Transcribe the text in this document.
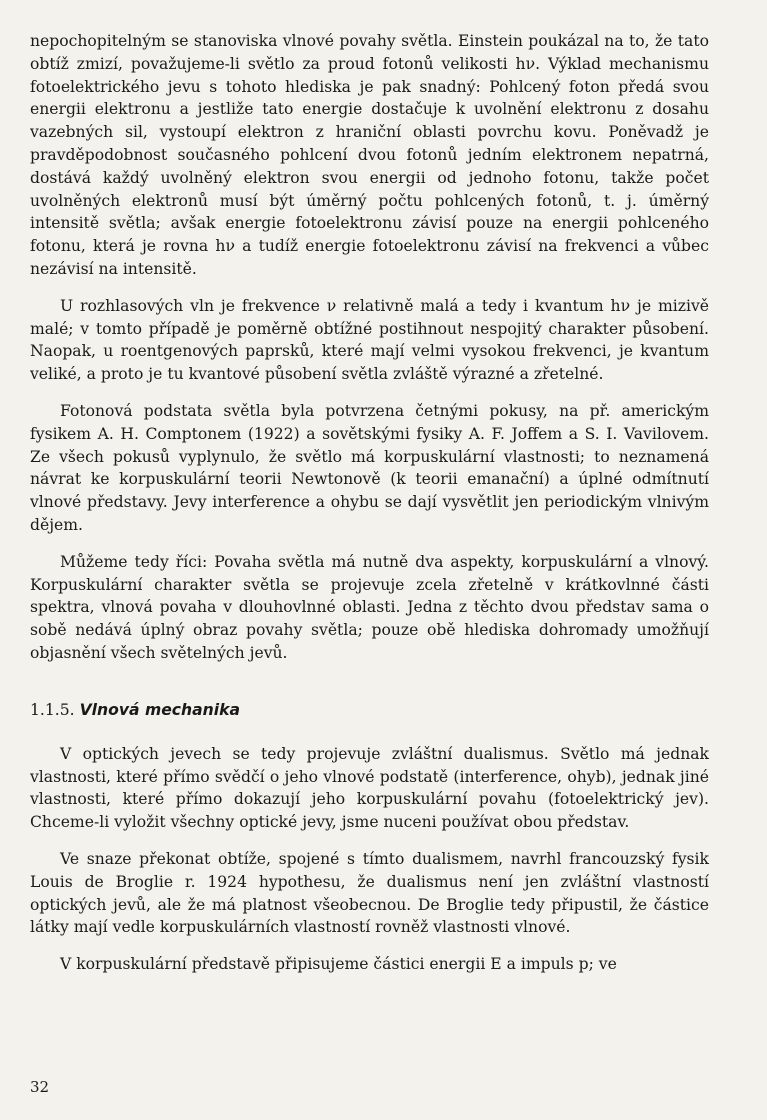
nepochopitelným se stanoviska vlnové povahy světla. Einstein poukázal na to, že tato obtíž zmizí, považujeme-li světlo za proud fotonů velikosti hν. Výklad mechanismu fotoelektrického jevu s tohoto hlediska je pak snadný: Pohlcený foton předá svou energii elektronu a jestliže tato energie dostačuje k uvolnění elektronu z dosahu vazebných sil, vystoupí elektron z hraniční oblasti povrchu kovu. Poněvadž je pravděpodobnost současného pohlcení dvou fotonů jedním elektronem nepatrná, dostává každý uvolněný elektron svou energii od jednoho fotonu, takže počet uvolněných elektronů musí být úměrný počtu pohlcených fotonů, t. j. úměrný intensitě světla; avšak energie fotoelektronu závisí pouze na energii pohlceného fotonu, která je rovna hν a tudíž energie fotoelektronu závisí na frekvenci a vůbec nezávisí na intensitě.

U rozhlasových vln je frekvence ν relativně malá a tedy i kvantum hν je mizivě malé; v tomto případě je poměrně obtížné postihnout nespojitý charakter působení. Naopak, u roentgenových paprsků, které mají velmi vysokou frekvenci, je kvantum veliké, a proto je tu kvantové působení světla zvláště výrazné a zřetelné.

Fotonová podstata světla byla potvrzena četnými pokusy, na př. americkým fysikem A. H. Comptonem (1922) a sovětskými fysiky A. F. Joffem a S. I. Vavilovem. Ze všech pokusů vyplynulo, že světlo má korpuskulární vlastnosti; to neznamená návrat ke korpuskulární teorii Newtonově (k teorii emanační) a úplné odmítnutí vlnové představy. Jevy interference a ohybu se dají vysvětlit jen periodickým vlnivým dějem.

Můžeme tedy říci: Povaha světla má nutně dva aspekty, korpuskulární a vlnový. Korpuskulární charakter světla se projevuje zcela zřetelně v krátkovlnné části spektra, vlnová povaha v dlouhovlnné oblasti. Jedna z těchto dvou představ sama o sobě nedává úplný obraz povahy světla; pouze obě hlediska dohromady umožňují objasnění všech světelných jevů.

1.1.5. Vlnová mechanika

V optických jevech se tedy projevuje zvláštní dualismus. Světlo má jednak vlastnosti, které přímo svědčí o jeho vlnové podstatě (interference, ohyb), jednak jiné vlastnosti, které přímo dokazují jeho korpuskulární povahu (fotoelektrický jev). Chceme-li vyložit všechny optické jevy, jsme nuceni používat obou představ.

Ve snaze překonat obtíže, spojené s tímto dualismem, navrhl francouzský fysik Louis de Broglie r. 1924 hypothesu, že dualismus není jen zvláštní vlastností optických jevů, ale že má platnost všeobecnou. De Broglie tedy připustil, že částice látky mají vedle korpuskulárních vlastností rovněž vlastnosti vlnové.

V korpuskulární představě připisujeme částici energii E a impuls p; ve

32
